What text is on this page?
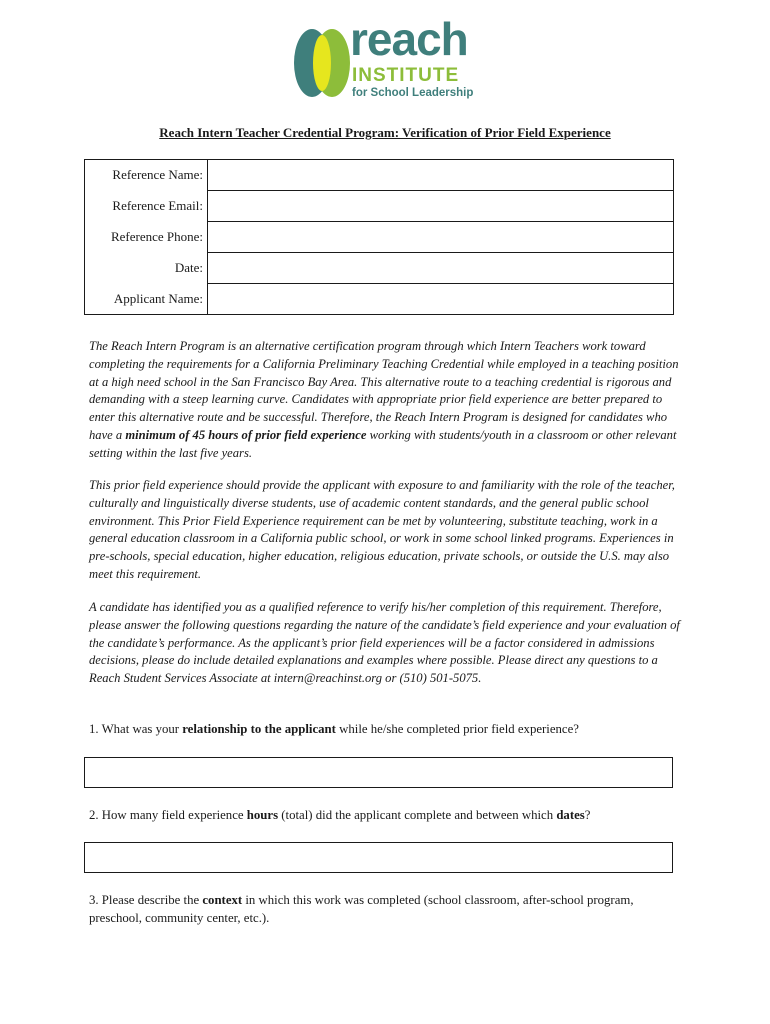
reach
INSTITUTE
for School Leadership
Reach Intern Teacher Credential Program: Verification of Prior Field Experience
Reference Name:	
Reference Email:	
Reference Phone:	
Date:	
Applicant Name:	

The Reach Intern Program is an alternative certification program through which Intern Teachers work toward completing the requirements for a California Preliminary Teaching Credential while employed in a teaching position at a high need school in the San Francisco Bay Area. This alternative route to a teaching credential is rigorous and demanding with a steep learning curve. Candidates with appropriate prior field experience are better prepared to enter this alternative route and be successful. Therefore, the Reach Intern Program is designed for candidates who have a minimum of 45 hours of prior field experience working with students/youth in a classroom or other relevant setting within the last five years.

This prior field experience should provide the applicant with exposure to and familiarity with the role of the teacher, culturally and linguistically diverse students, use of academic content standards, and the general public school environment. This Prior Field Experience requirement can be met by volunteering, substitute teaching, work in a general education classroom in a California public school, or work in some school linked programs. Experiences in pre-schools, special education, higher education, religious education, private schools, or outside the U.S. may also meet this requirement.

A candidate has identified you as a qualified reference to verify his/her completion of this requirement. Therefore, please answer the following questions regarding the nature of the candidate’s field experience and your evaluation of the candidate’s performance. As the applicant’s prior field experiences will be a factor considered in admissions decisions, please do include detailed explanations and examples where possible. Please direct any questions to a Reach Student Services Associate at intern@reachinst.org or (510) 501-5075.

1. What was your relationship to the applicant while he/she completed prior field experience?

2. How many field experience hours (total) did the applicant complete and between which dates?

3. Please describe the context in which this work was completed (school classroom, after-school program, preschool, community center, etc.).
